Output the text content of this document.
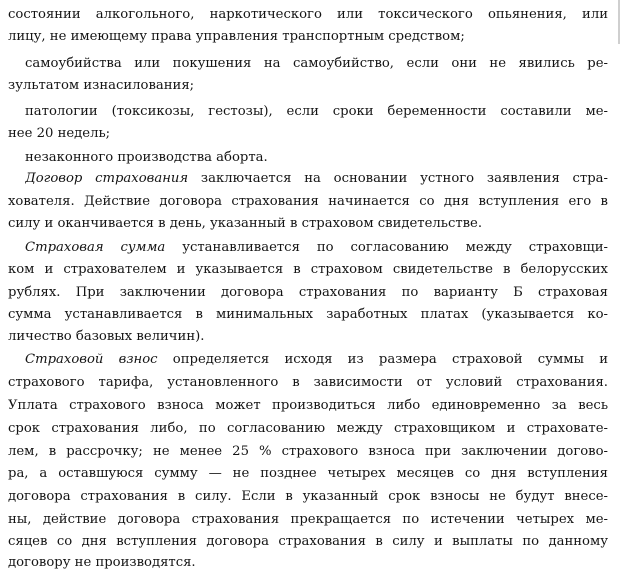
состоянии алкогольного, наркотического или токсического опьянения, или
лицу, не имеющему права управления транспортным средством;
самоубийства или покушения на самоубийство, если они не явились ре-
зультатом изнасилования;
патологии (токсикозы, гестозы), если сроки беременности составили ме-
нее 20 недель;
незаконного производства аборта.
Договор страхования заключается на основании устного заявления стра-
хователя. Действие договора страхования начинается со дня вступления его в
силу и оканчивается в день, указанный в страховом свидетельстве.
Страховая сумма устанавливается по согласованию между страховщи-
ком и страхователем и указывается в страховом свидетельстве в белорусских
рублях. При заключении договора страхования по варианту Б страховая
сумма устанавливается в минимальных заработных платах (указывается ко-
личество базовых величин).
Страховой взнос определяется исходя из размера страховой суммы и
страхового тарифа, установленного в зависимости от условий страхования.
Уплата страхового взноса может производиться либо единовременно за весь
срок страхования либо, по согласованию между страховщиком и страховате-
лем, в рассрочку; не менее 25 % страхового взноса при заключении догово-
ра, а оставшуюся сумму — не позднее четырех месяцев со дня вступления
договора страхования в силу. Если в указанный срок взносы не будут внесе-
ны, действие договора страхования прекращается по истечении четырех ме-
сяцев со дня вступления договора страхования в силу и выплаты по данному
договору не производятся.
